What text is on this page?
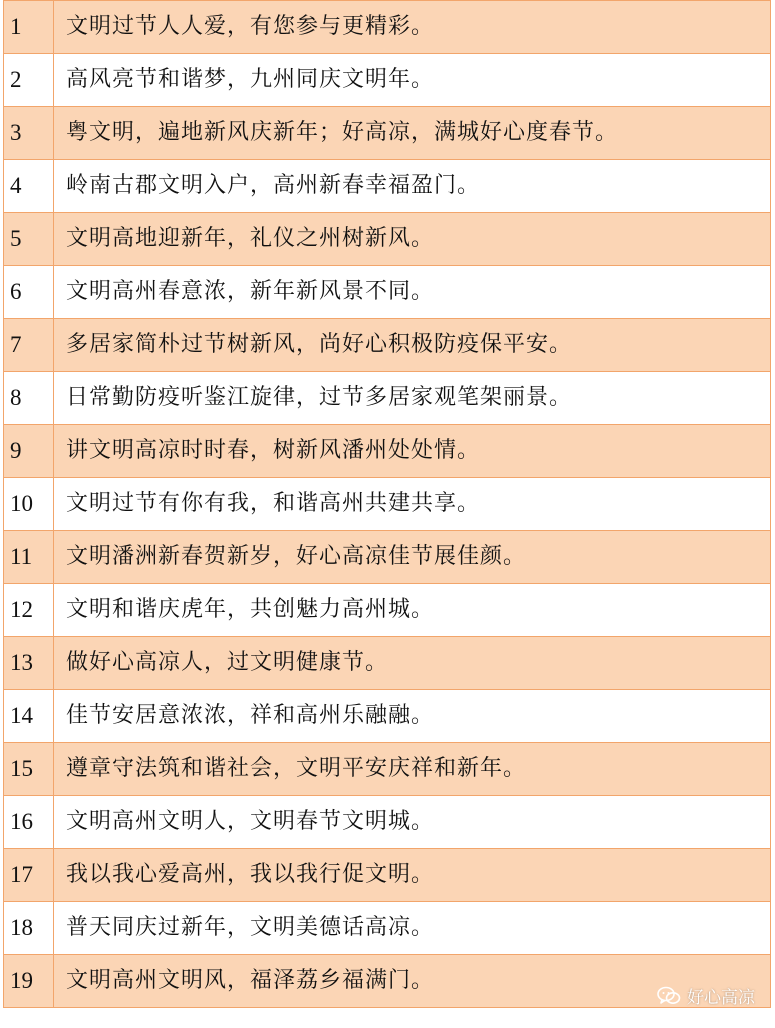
1	文明过节人人爱，有您参与更精彩。
2	高风亮节和谐梦，九州同庆文明年。
3	粤文明，遍地新风庆新年；好高凉，满城好心度春节。
4	岭南古郡文明入户，高州新春幸福盈门。
5	文明高地迎新年，礼仪之州树新风。
6	文明高州春意浓，新年新风景不同。
7	多居家简朴过节树新风，尚好心积极防疫保平安。
8	日常勤防疫听鉴江旋律，过节多居家观笔架丽景。
9	讲文明高凉时时春，树新风潘州处处情。
10	文明过节有你有我，和谐高州共建共享。
11	文明潘洲新春贺新岁，好心高凉佳节展佳颜。
12	文明和谐庆虎年，共创魅力高州城。
13	做好心高凉人，过文明健康节。
14	佳节安居意浓浓，祥和高州乐融融。
15	遵章守法筑和谐社会，文明平安庆祥和新年。
16	文明高州文明人，文明春节文明城。
17	我以我心爱高州，我以我行促文明。
18	普天同庆过新年，文明美德话高凉。
19	文明高州文明风，福泽荔乡福满门。
好心高凉
